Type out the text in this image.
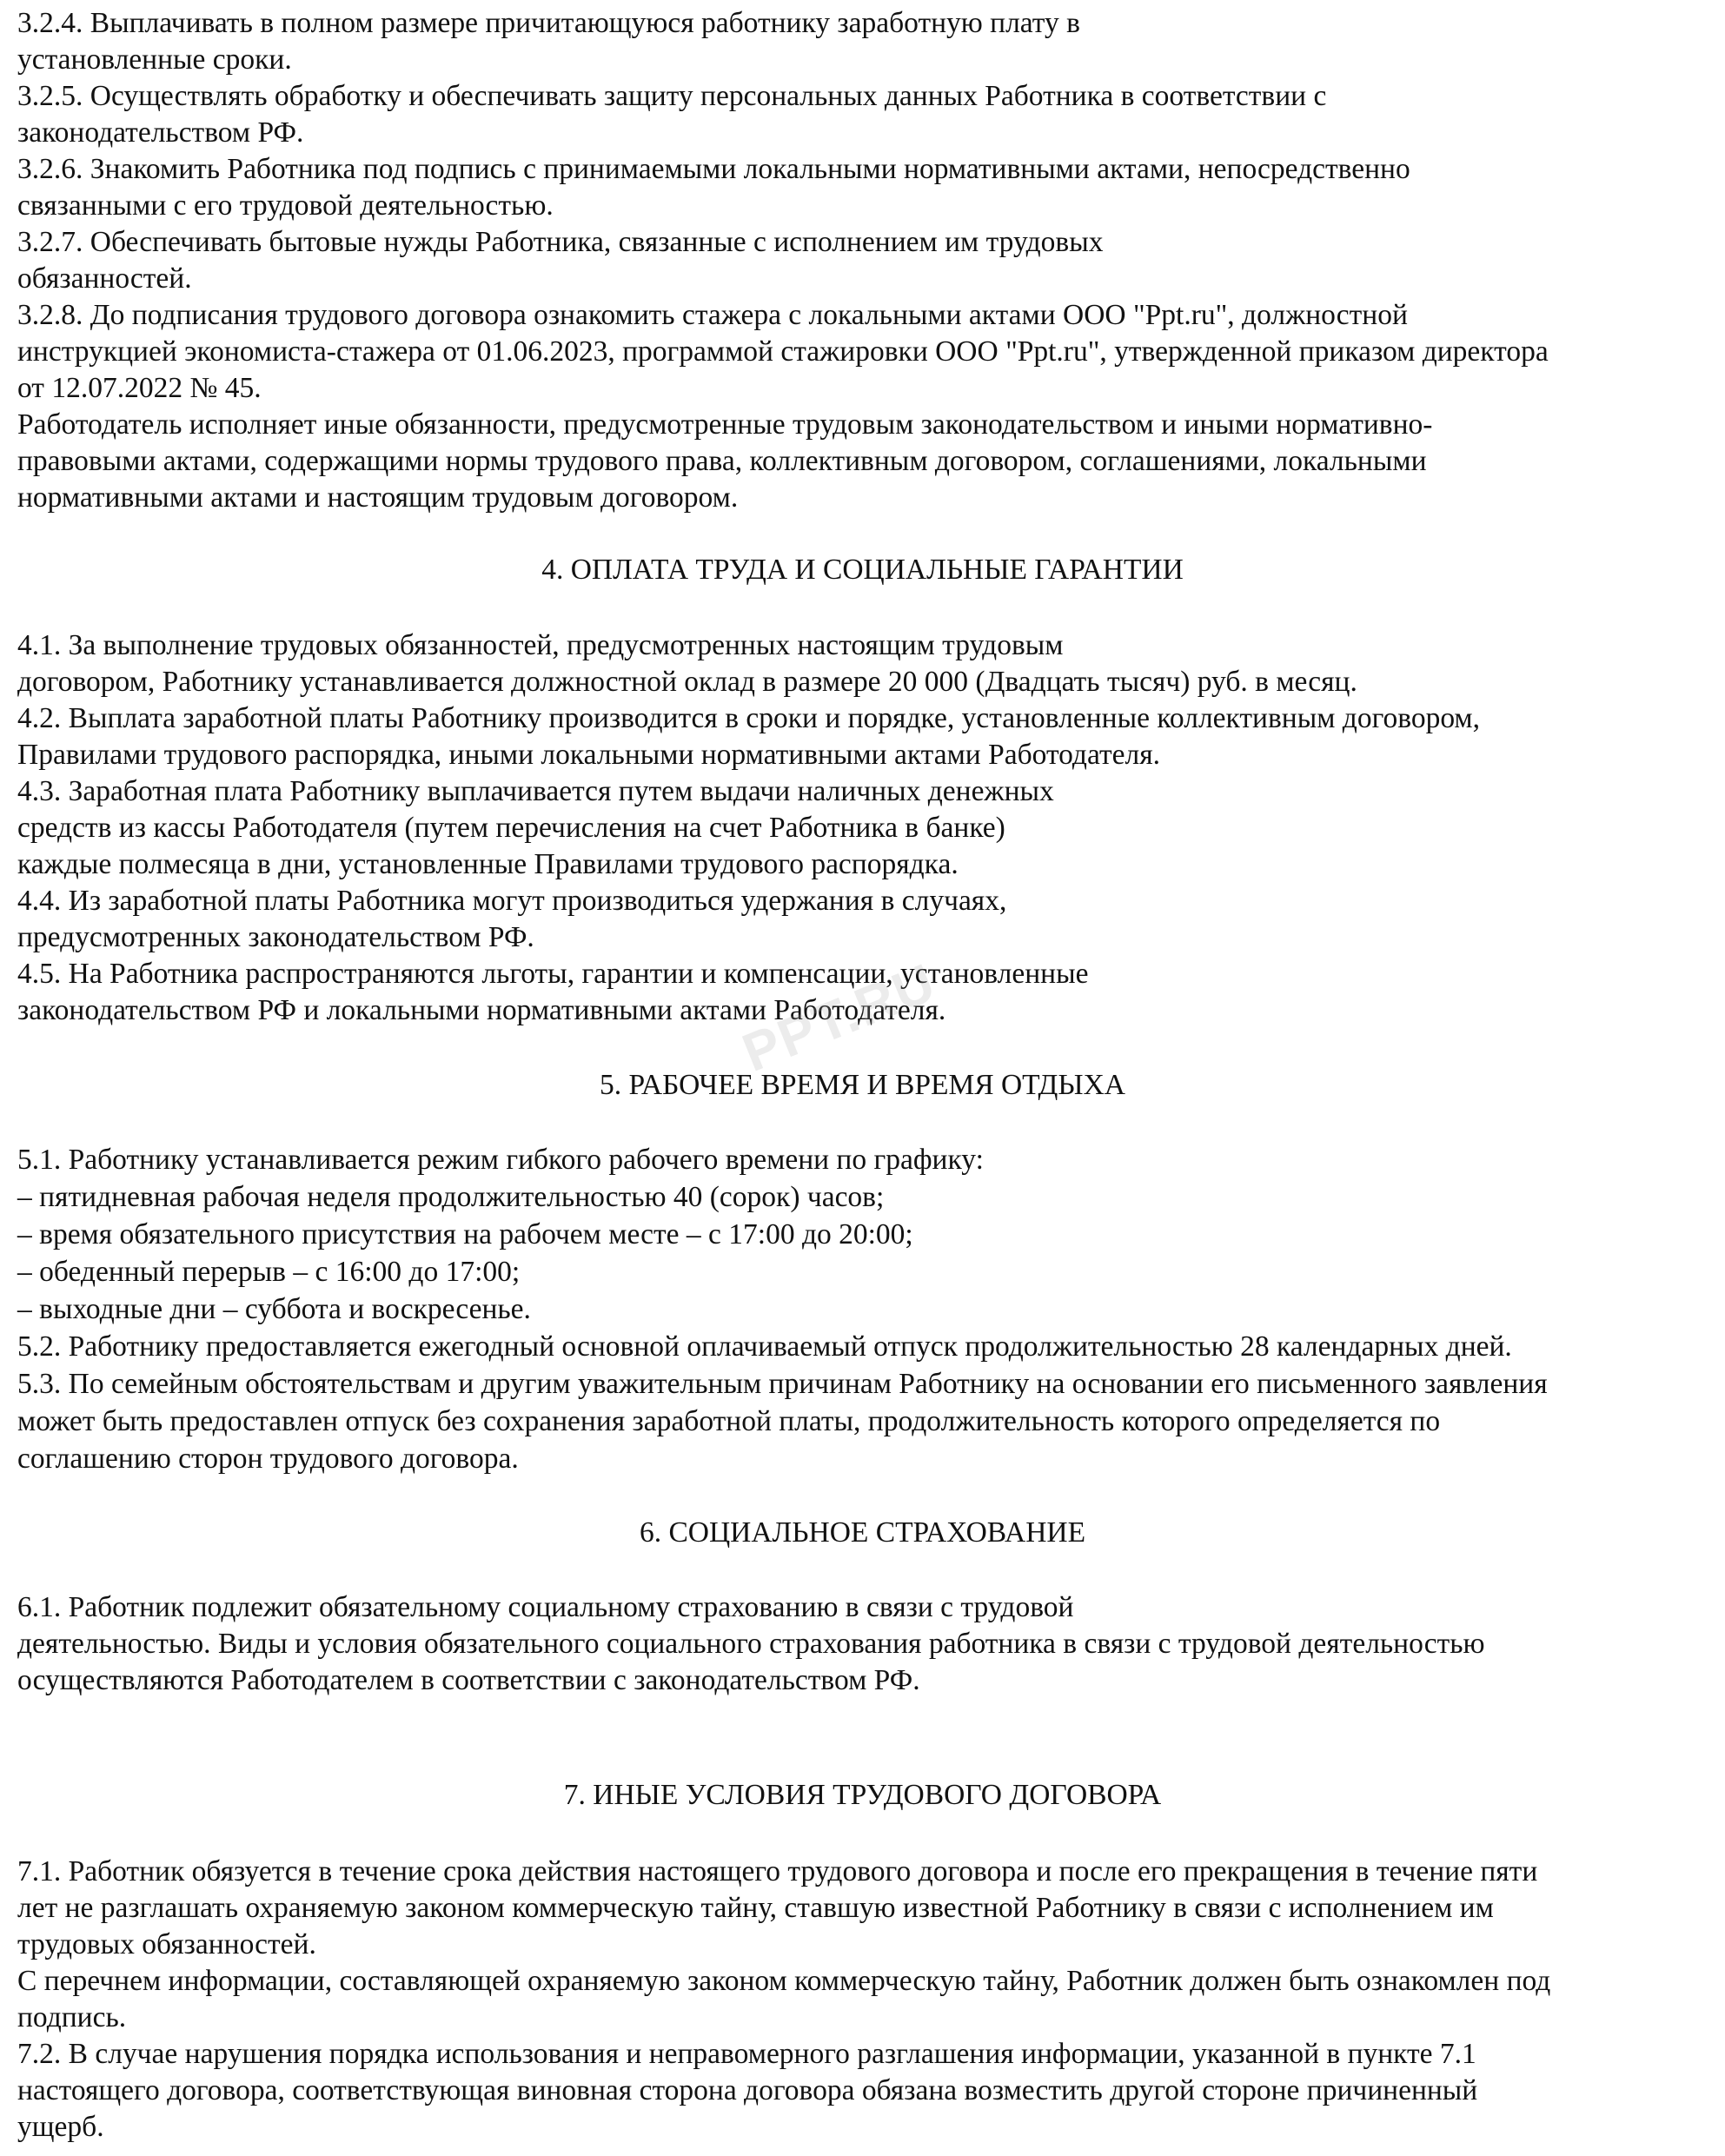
3.2.4. Выплачивать в полном размере причитающуюся работнику заработную плату в

установленные сроки.

3.2.5. Осуществлять обработку и обеспечивать защиту персональных данных Работника в соответствии с

законодательством РФ.

3.2.6. Знакомить Работника под подпись с принимаемыми локальными нормативными актами, непосредственно

связанными с его трудовой деятельностью.

3.2.7. Обеспечивать бытовые нужды Работника, связанные с исполнением им трудовых

обязанностей.

3.2.8. До подписания трудового договора ознакомить стажера с локальными актами ООО "Ppt.ru", должностной

инструкцией экономиста-стажера от 01.06.2023, программой стажировки ООО "Ppt.ru", утвержденной приказом директора

от 12.07.2022 № 45.

Работодатель исполняет иные обязанности, предусмотренные трудовым законодательством и иными нормативно-

правовыми актами, содержащими нормы трудового права, коллективным договором, соглашениями, локальными

нормативными актами и настоящим трудовым договором.

4. ОПЛАТА ТРУДА И СОЦИАЛЬНЫЕ ГАРАНТИИ

4.1. За выполнение трудовых обязанностей, предусмотренных настоящим трудовым

договором, Работнику устанавливается должностной оклад в размере 20 000 (Двадцать тысяч) руб. в месяц.

4.2. Выплата заработной платы Работнику производится в сроки и порядке, установленные коллективным договором,

Правилами трудового распорядка, иными локальными нормативными актами Работодателя.

4.3. Заработная плата Работнику выплачивается путем выдачи наличных денежных

средств из кассы Работодателя (путем перечисления на счет Работника в банке)

каждые полмесяца в дни, установленные Правилами трудового распорядка.

4.4. Из заработной платы Работника могут производиться удержания в случаях,

предусмотренных законодательством РФ.

4.5. На Работника распространяются льготы, гарантии и компенсации, установленные

законодательством РФ и локальными нормативными актами Работодателя.

5. РАБОЧЕЕ ВРЕМЯ И ВРЕМЯ ОТДЫХА

5.1. Работнику устанавливается режим гибкого рабочего времени по графику:

– пятидневная рабочая неделя продолжительностью 40 (сорок) часов;

– время обязательного присутствия на рабочем месте – с 17:00 до 20:00;

– обеденный перерыв – с 16:00 до 17:00;

– выходные дни – суббота и воскресенье.

5.2. Работнику предоставляется ежегодный основной оплачиваемый отпуск продолжительностью 28 календарных дней.

5.3. По семейным обстоятельствам и другим уважительным причинам Работнику на основании его письменного заявления

может быть предоставлен отпуск без сохранения заработной платы, продолжительность которого определяется по

соглашению сторон трудового договора.

6. СОЦИАЛЬНОЕ СТРАХОВАНИЕ

6.1. Работник подлежит обязательному социальному страхованию в связи с трудовой

деятельностью. Виды и условия обязательного социального страхования работника в связи с трудовой деятельностью

осуществляются Работодателем в соответствии с законодательством РФ.

7. ИНЫЕ УСЛОВИЯ ТРУДОВОГО ДОГОВОРА

7.1. Работник обязуется в течение срока действия настоящего трудового договора и после его прекращения в течение пяти

лет не разглашать охраняемую законом коммерческую тайну, ставшую известной Работнику в связи с исполнением им

трудовых обязанностей.

С перечнем информации, составляющей охраняемую законом коммерческую тайну, Работник должен быть ознакомлен под

подпись.

7.2. В случае нарушения порядка использования и неправомерного разглашения информации, указанной в пункте 7.1

настоящего договора, соответствующая виновная сторона договора обязана возместить другой стороне причиненный

ущерб.

PPT.RU
